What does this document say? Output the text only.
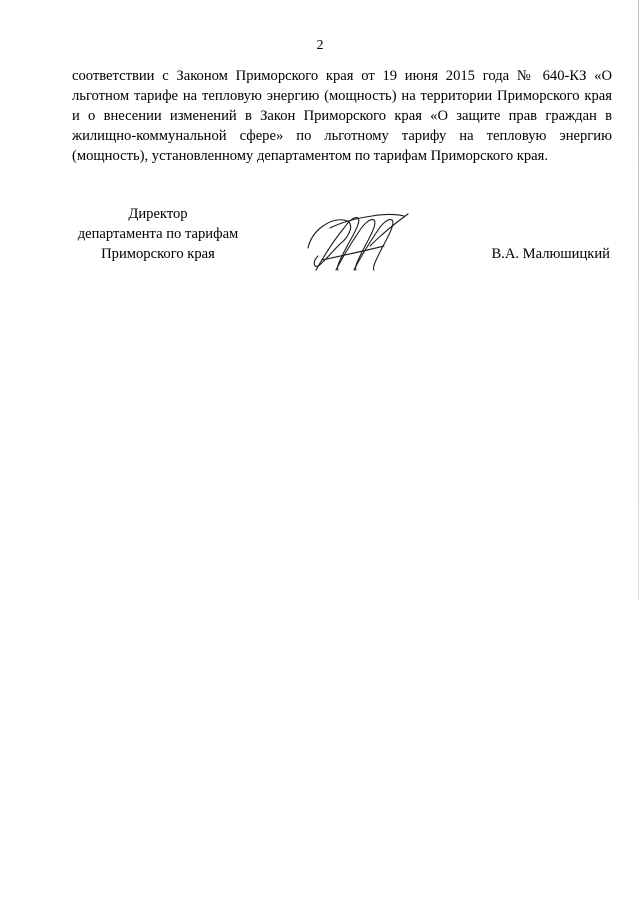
2

соответствии с Законом Приморского края от 19 июня 2015 года № 640-КЗ «О льготном тарифе на тепловую энергию (мощность) на территории Приморского края и о внесении изменений в Закон Приморского края «О защите прав граждан в жилищно-коммунальной сфере» по льготному тарифу на тепловую энергию (мощность), установленному департаментом по тарифам Приморского края.

Директор
департамента по тарифам
Приморского края	В.А. Малюшицкий
